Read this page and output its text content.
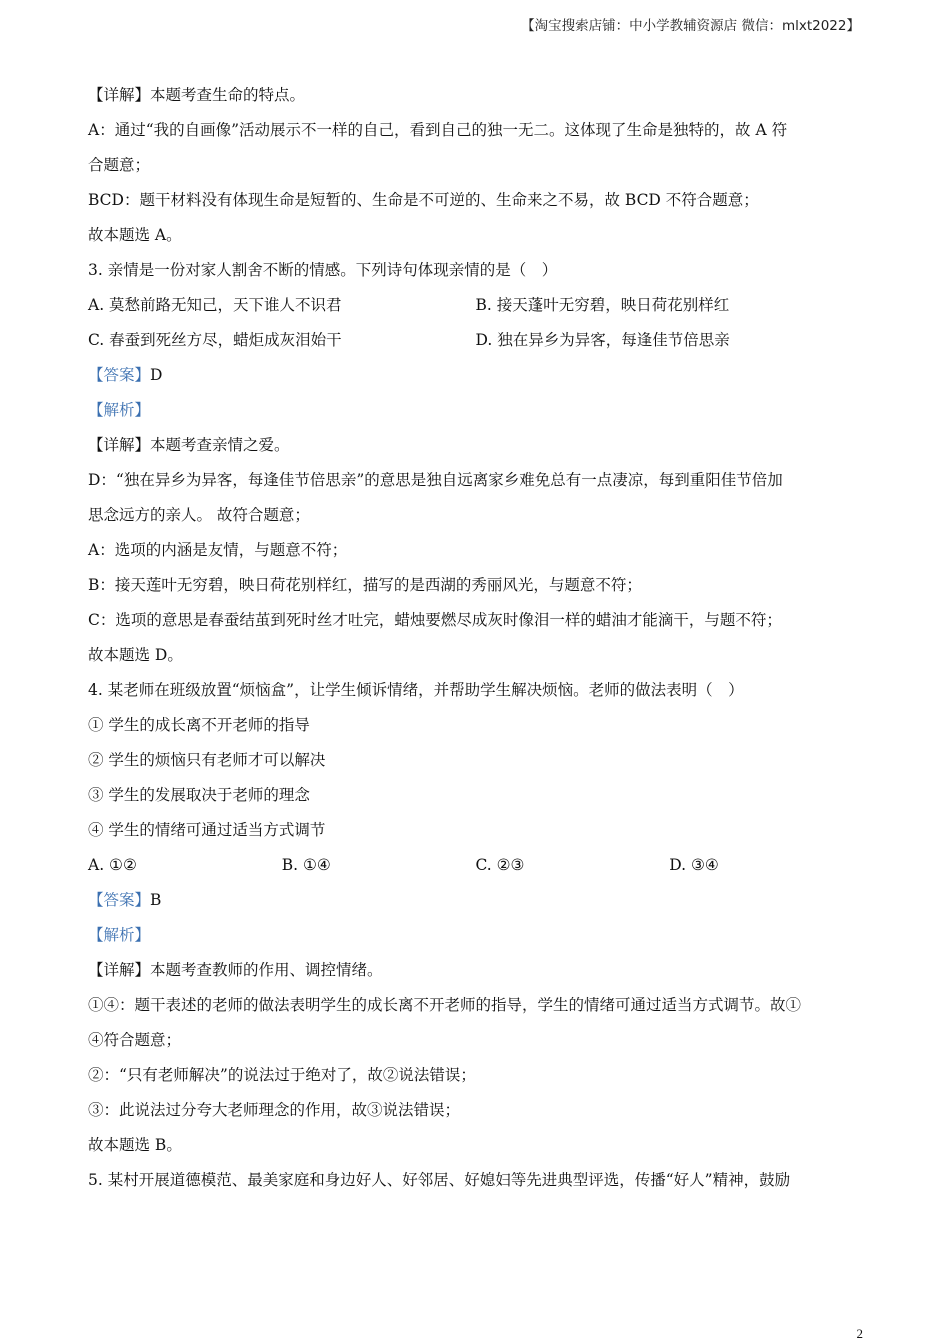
【淘宝搜索店铺：中小学教辅资源店 微信：mlxt2022】
【详解】本题考查生命的特点。
A：通过“我的自画像”活动展示不一样的自己，看到自己的独一无二。这体现了生命是独特的，故 A 符
合题意；
BCD：题干材料没有体现生命是短暂的、生命是不可逆的、生命来之不易，故 BCD 不符合题意；
故本题选 A。
3. 亲情是一份对家人割舍不断的情感。下列诗句体现亲情的是（　）
A. 莫愁前路无知己，天下谁人不识君	B. 接天蓬叶无穷碧，映日荷花别样红
C. 春蚕到死丝方尽，蜡炬成灰泪始干	D. 独在异乡为异客，每逢佳节倍思亲
【答案】D
【解析】
【详解】本题考查亲情之爱。
D：“独在异乡为异客，每逢佳节倍思亲”的意思是独自远离家乡难免总有一点凄凉，每到重阳佳节倍加
思念远方的亲人。 故符合题意；
A：选项的内涵是友情，与题意不符；
B：接天莲叶无穷碧，映日荷花别样红，描写的是西湖的秀丽风光，与题意不符；
C：选项的意思是春蚕结茧到死时丝才吐完，蜡烛要燃尽成灰时像泪一样的蜡油才能滴干，与题不符；
故本题选 D。
4. 某老师在班级放置“烦恼盒”，让学生倾诉情绪，并帮助学生解决烦恼。老师的做法表明（　）
① 学生的成长离不开老师的指导
② 学生的烦恼只有老师才可以解决
③ 学生的发展取决于老师的理念
④ 学生的情绪可通过适当方式调节
A. ①②	B. ①④	C. ②③	D. ③④
【答案】B
【解析】
【详解】本题考查教师的作用、调控情绪。
①④：题干表述的老师的做法表明学生的成长离不开老师的指导，学生的情绪可通过适当方式调节。故①
④符合题意；
②：“只有老师解决”的说法过于绝对了，故②说法错误；
③：此说法过分夸大老师理念的作用，故③说法错误；
故本题选 B。
5. 某村开展道德模范、最美家庭和身边好人、好邻居、好媳妇等先进典型评选，传播“好人”精神，鼓励
2
